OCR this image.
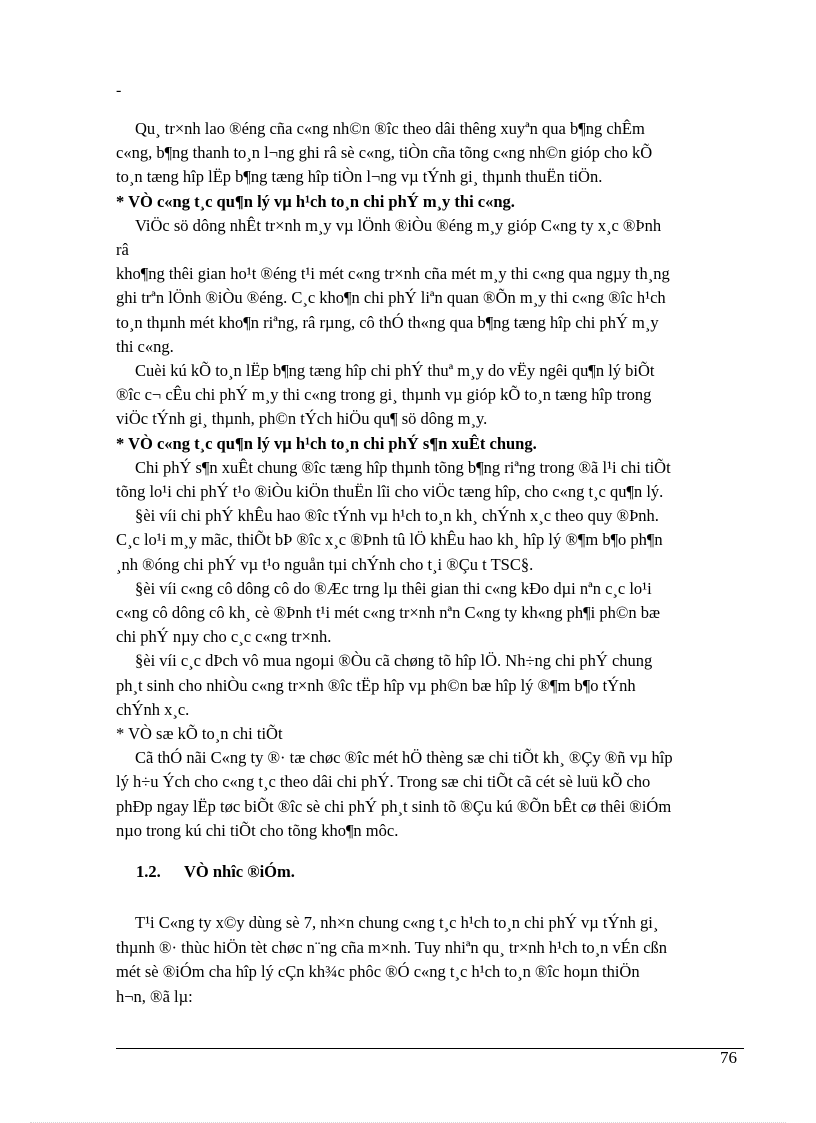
-

Qu¸ tr×nh lao ®éng cña c«ng nh©n ®îc theo dâi thêng xuyªn qua b¶ng chÊm

c«ng, b¶ng thanh to¸n l¬ng ghi râ sè c«ng, tiÒn cña tõng c«ng nh©n gióp cho kÕ

to¸n tæng hîp lËp b¶ng tæng hîp tiÒn l¬ng vµ tÝnh gi¸ thµnh thuËn tiÖn.

* VÒ c«ng t¸c qu¶n lý vµ h¹ch to¸n chi phÝ m¸y thi c«ng.

ViÖc sö dông nhÊt tr×nh m¸y vµ lÖnh ®iÒu ®éng m¸y gióp C«ng ty x¸c ®Þnh

râ

kho¶ng thêi gian ho¹t ®éng t¹i mét c«ng tr×nh cña mét m¸y thi c«ng qua ngµy th¸ng

ghi trªn lÖnh ®iÒu ®éng. C¸c kho¶n chi phÝ liªn quan ®Õn m¸y thi c«ng ®îc h¹ch

to¸n thµnh mét kho¶n riªng, râ rµng, cô thÓ th«ng qua b¶ng tæng hîp chi phÝ m¸y

thi c«ng.

Cuèi kú kÕ to¸n lËp b¶ng tæng hîp chi phÝ thuª m¸y do vËy ngêi qu¶n lý biÕt

®îc c¬ cÊu chi phÝ m¸y thi c«ng trong gi¸ thµnh vµ gióp kÕ to¸n tæng hîp trong

viÖc tÝnh gi¸ thµnh, ph©n tÝch hiÖu qu¶ sö dông m¸y.

* VÒ c«ng t¸c qu¶n lý vµ h¹ch to¸n chi phÝ s¶n xuÊt chung.

Chi phÝ s¶n xuÊt chung ®îc tæng hîp thµnh tõng b¶ng riªng trong ®ã l¹i chi tiÕt

tõng lo¹i chi phÝ t¹o ®iÒu kiÖn thuËn lîi cho viÖc tæng hîp, cho c«ng t¸c qu¶n lý.

§èi víi chi phÝ khÊu hao ®îc tÝnh vµ h¹ch to¸n kh¸ chÝnh x¸c theo quy ®Þnh.

C¸c lo¹i m¸y mãc, thiÕt bÞ ®îc x¸c ®Þnh tû lÖ khÊu hao kh¸ hîp lý ®¶m b¶o ph¶n

¸nh ®óng chi phÝ vµ t¹o nguån tµi chÝnh cho t¸i ®Çu t TSC§.

§èi víi c«ng cô dông cô do ®Æc trng lµ thêi gian thi c«ng kÐo dµi nªn c¸c lo¹i

c«ng cô dông cô kh¸ cè ®Þnh t¹i mét c«ng tr×nh nªn C«ng ty kh«ng ph¶i ph©n bæ

chi phÝ nµy cho c¸c c«ng tr×nh.

§èi víi c¸c dÞch vô mua ngoµi ®Òu cã chøng tõ hîp lÖ. Nh÷ng chi phÝ chung

ph¸t sinh cho nhiÒu c«ng tr×nh ®îc tËp hîp vµ ph©n bæ hîp lý ®¶m b¶o tÝnh

chÝnh x¸c.

* VÒ sæ kÕ to¸n chi tiÕt

Cã thÓ nãi C«ng ty ®· tæ chøc ®îc mét hÖ thèng sæ chi tiÕt kh¸ ®Çy ®ñ vµ hîp

lý h÷u Ých cho c«ng t¸c theo dâi chi phÝ. Trong sæ chi tiÕt cã cét sè luü kÕ cho

phÐp ngay lËp tøc biÕt ®îc sè chi phÝ ph¸t sinh tõ ®Çu kú ®Õn bÊt cø thêi ®iÓm

nµo trong kú chi tiÕt cho tõng kho¶n môc.

1.2. VÒ nhîc ®iÓm.

T¹i C«ng ty x©y dùng sè 7, nh×n chung c«ng t¸c h¹ch to¸n chi phÝ vµ tÝnh gi¸

thµnh ®· thùc hiÖn tèt chøc n¨ng cña m×nh. Tuy nhiªn qu¸ tr×nh h¹ch to¸n vÉn cßn

mét sè ®iÓm cha hîp lý cÇn kh¾c phôc ®Ó c«ng t¸c h¹ch to¸n ®îc hoµn thiÖn

h¬n, ®ã lµ:

76
